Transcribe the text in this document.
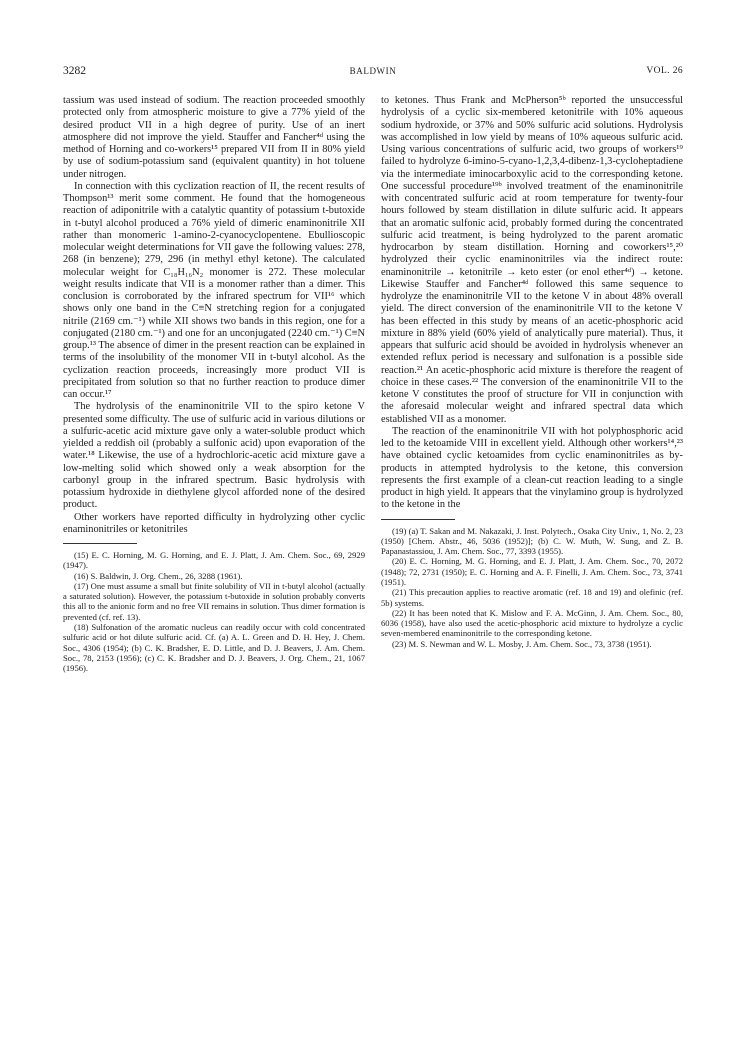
3282	BALDWIN	VOL. 26

tassium was used instead of sodium. The reaction proceeded smoothly protected only from atmospheric moisture to give a 77% yield of the desired product VII in a high degree of purity. Use of an inert atmosphere did not improve the yield. Stauffer and Fancher⁴ᵈ using the method of Horning and co-workers¹⁵ prepared VII from II in 80% yield by use of sodium-potassium sand (equivalent quantity) in hot toluene under nitrogen.

In connection with this cyclization reaction of II, the recent results of Thompson¹³ merit some comment. He found that the homogeneous reaction of adiponitrile with a catalytic quantity of potassium t-butoxide in t-butyl alcohol produced a 76% yield of dimeric enaminonitrile XII rather than monomeric 1-amino-2-cyanocyclopentene. Ebullioscopic molecular weight determinations for VII gave the following values: 278, 268 (in benzene); 279, 296 (in methyl ethyl ketone). The calculated molecular weight for C₁₈H₁₆N₂ monomer is 272. These molecular weight results indicate that VII is a monomer rather than a dimer. This conclusion is corroborated by the infrared spectrum for VII¹⁶ which shows only one band in the C≡N stretching region for a conjugated nitrile (2169 cm.⁻¹) while XII shows two bands in this region, one for a conjugated (2180 cm.⁻¹) and one for an unconjugated (2240 cm.⁻¹) C≡N group.¹³ The absence of dimer in the present reaction can be explained in terms of the insolubility of the monomer VII in t-butyl alcohol. As the cyclization reaction proceeds, increasingly more product VII is precipitated from solution so that no further reaction to produce dimer can occur.¹⁷

The hydrolysis of the enaminonitrile VII to the spiro ketone V presented some difficulty. The use of sulfuric acid in various dilutions or a sulfuric-acetic acid mixture gave only a water-soluble product which yielded a reddish oil (probably a sulfonic acid) upon evaporation of the water.¹⁸ Likewise, the use of a hydrochloric-acetic acid mixture gave a low-melting solid which showed only a weak absorption for the carbonyl group in the infrared spectrum. Basic hydrolysis with potassium hydroxide in diethylene glycol afforded none of the desired product.

Other workers have reported difficulty in hydrolyzing other cyclic enaminonitriles or ketonitriles

(15) E. C. Horning, M. G. Horning, and E. J. Platt, J. Am. Chem. Soc., 69, 2929 (1947).

(16) S. Baldwin, J. Org. Chem., 26, 3288 (1961).

(17) One must assume a small but finite solubility of VII in t-butyl alcohol (actually a saturated solution). However, the potassium t-butoxide in solution probably converts this all to the anionic form and no free VII remains in solution. Thus dimer formation is prevented (cf. ref. 13).

(18) Sulfonation of the aromatic nucleus can readily occur with cold concentrated sulfuric acid or hot dilute sulfuric acid. Cf. (a) A. L. Green and D. H. Hey, J. Chem. Soc., 4306 (1954); (b) C. K. Bradsher, E. D. Little, and D. J. Beavers, J. Am. Chem. Soc., 78, 2153 (1956); (c) C. K. Bradsher and D. J. Beavers, J. Org. Chem., 21, 1067 (1956).

to ketones. Thus Frank and McPherson⁵ᵇ reported the unsuccessful hydrolysis of a cyclic six-membered ketonitrile with 10% aqueous sodium hydroxide, or 37% and 50% sulfuric acid solutions. Hydrolysis was accomplished in low yield by means of 10% aqueous sulfuric acid. Using various concentrations of sulfuric acid, two groups of workers¹⁹ failed to hydrolyze 6-imino-5-cyano-1,2,3,4-dibenz-1,3-cycloheptadiene via the intermediate iminocarboxylic acid to the corresponding ketone. One successful procedure¹⁹ᵇ involved treatment of the enaminonitrile with concentrated sulfuric acid at room temperature for twenty-four hours followed by steam distillation in dilute sulfuric acid. It appears that an aromatic sulfonic acid, probably formed during the concentrated sulfuric acid treatment, is being hydrolyzed to the parent aromatic hydrocarbon by steam distillation. Horning and coworkers¹⁵,²⁰ hydrolyzed their cyclic enaminonitriles via the indirect route: enaminonitrile → ketonitrile → keto ester (or enol ether⁴ᵈ) → ketone. Likewise Stauffer and Fancher⁴ᵈ followed this same sequence to hydrolyze the enaminonitrile VII to the ketone V in about 48% overall yield. The direct conversion of the enaminonitrile VII to the ketone V has been effected in this study by means of an acetic-phosphoric acid mixture in 88% yield (60% yield of analytically pure material). Thus, it appears that sulfuric acid should be avoided in hydrolysis whenever an extended reflux period is necessary and sulfonation is a possible side reaction.²¹ An acetic-phosphoric acid mixture is therefore the reagent of choice in these cases.²² The conversion of the enaminonitrile VII to the ketone V constitutes the proof of structure for VII in conjunction with the aforesaid molecular weight and infrared spectral data which established VII as a monomer.

The reaction of the enaminonitrile VII with hot polyphosphoric acid led to the ketoamide VIII in excellent yield. Although other workers¹⁴,²³ have obtained cyclic ketoamides from cyclic enaminonitriles as by-products in attempted hydrolysis to the ketone, this conversion represents the first example of a clean-cut reaction leading to a single product in high yield. It appears that the vinylamino group is hydrolyzed to the ketone in the

(19) (a) T. Sakan and M. Nakazaki, J. Inst. Polytech., Osaka City Univ., 1, No. 2, 23 (1950) [Chem. Abstr., 46, 5036 (1952)]; (b) C. W. Muth, W. Sung, and Z. B. Papanastassiou, J. Am. Chem. Soc., 77, 3393 (1955).

(20) E. C. Horning, M. G. Horning, and E. J. Platt, J. Am. Chem. Soc., 70, 2072 (1948); 72, 2731 (1950); E. C. Horning and A. F. Finelli, J. Am. Chem. Soc., 73, 3741 (1951).

(21) This precaution applies to reactive aromatic (ref. 18 and 19) and olefinic (ref. 5b) systems.

(22) It has been noted that K. Mislow and F. A. McGinn, J. Am. Chem. Soc., 80, 6036 (1958), have also used the acetic-phosphoric acid mixture to hydrolyze a cyclic seven-membered enaminonitrile to the corresponding ketone.

(23) M. S. Newman and W. L. Mosby, J. Am. Chem. Soc., 73, 3738 (1951).
